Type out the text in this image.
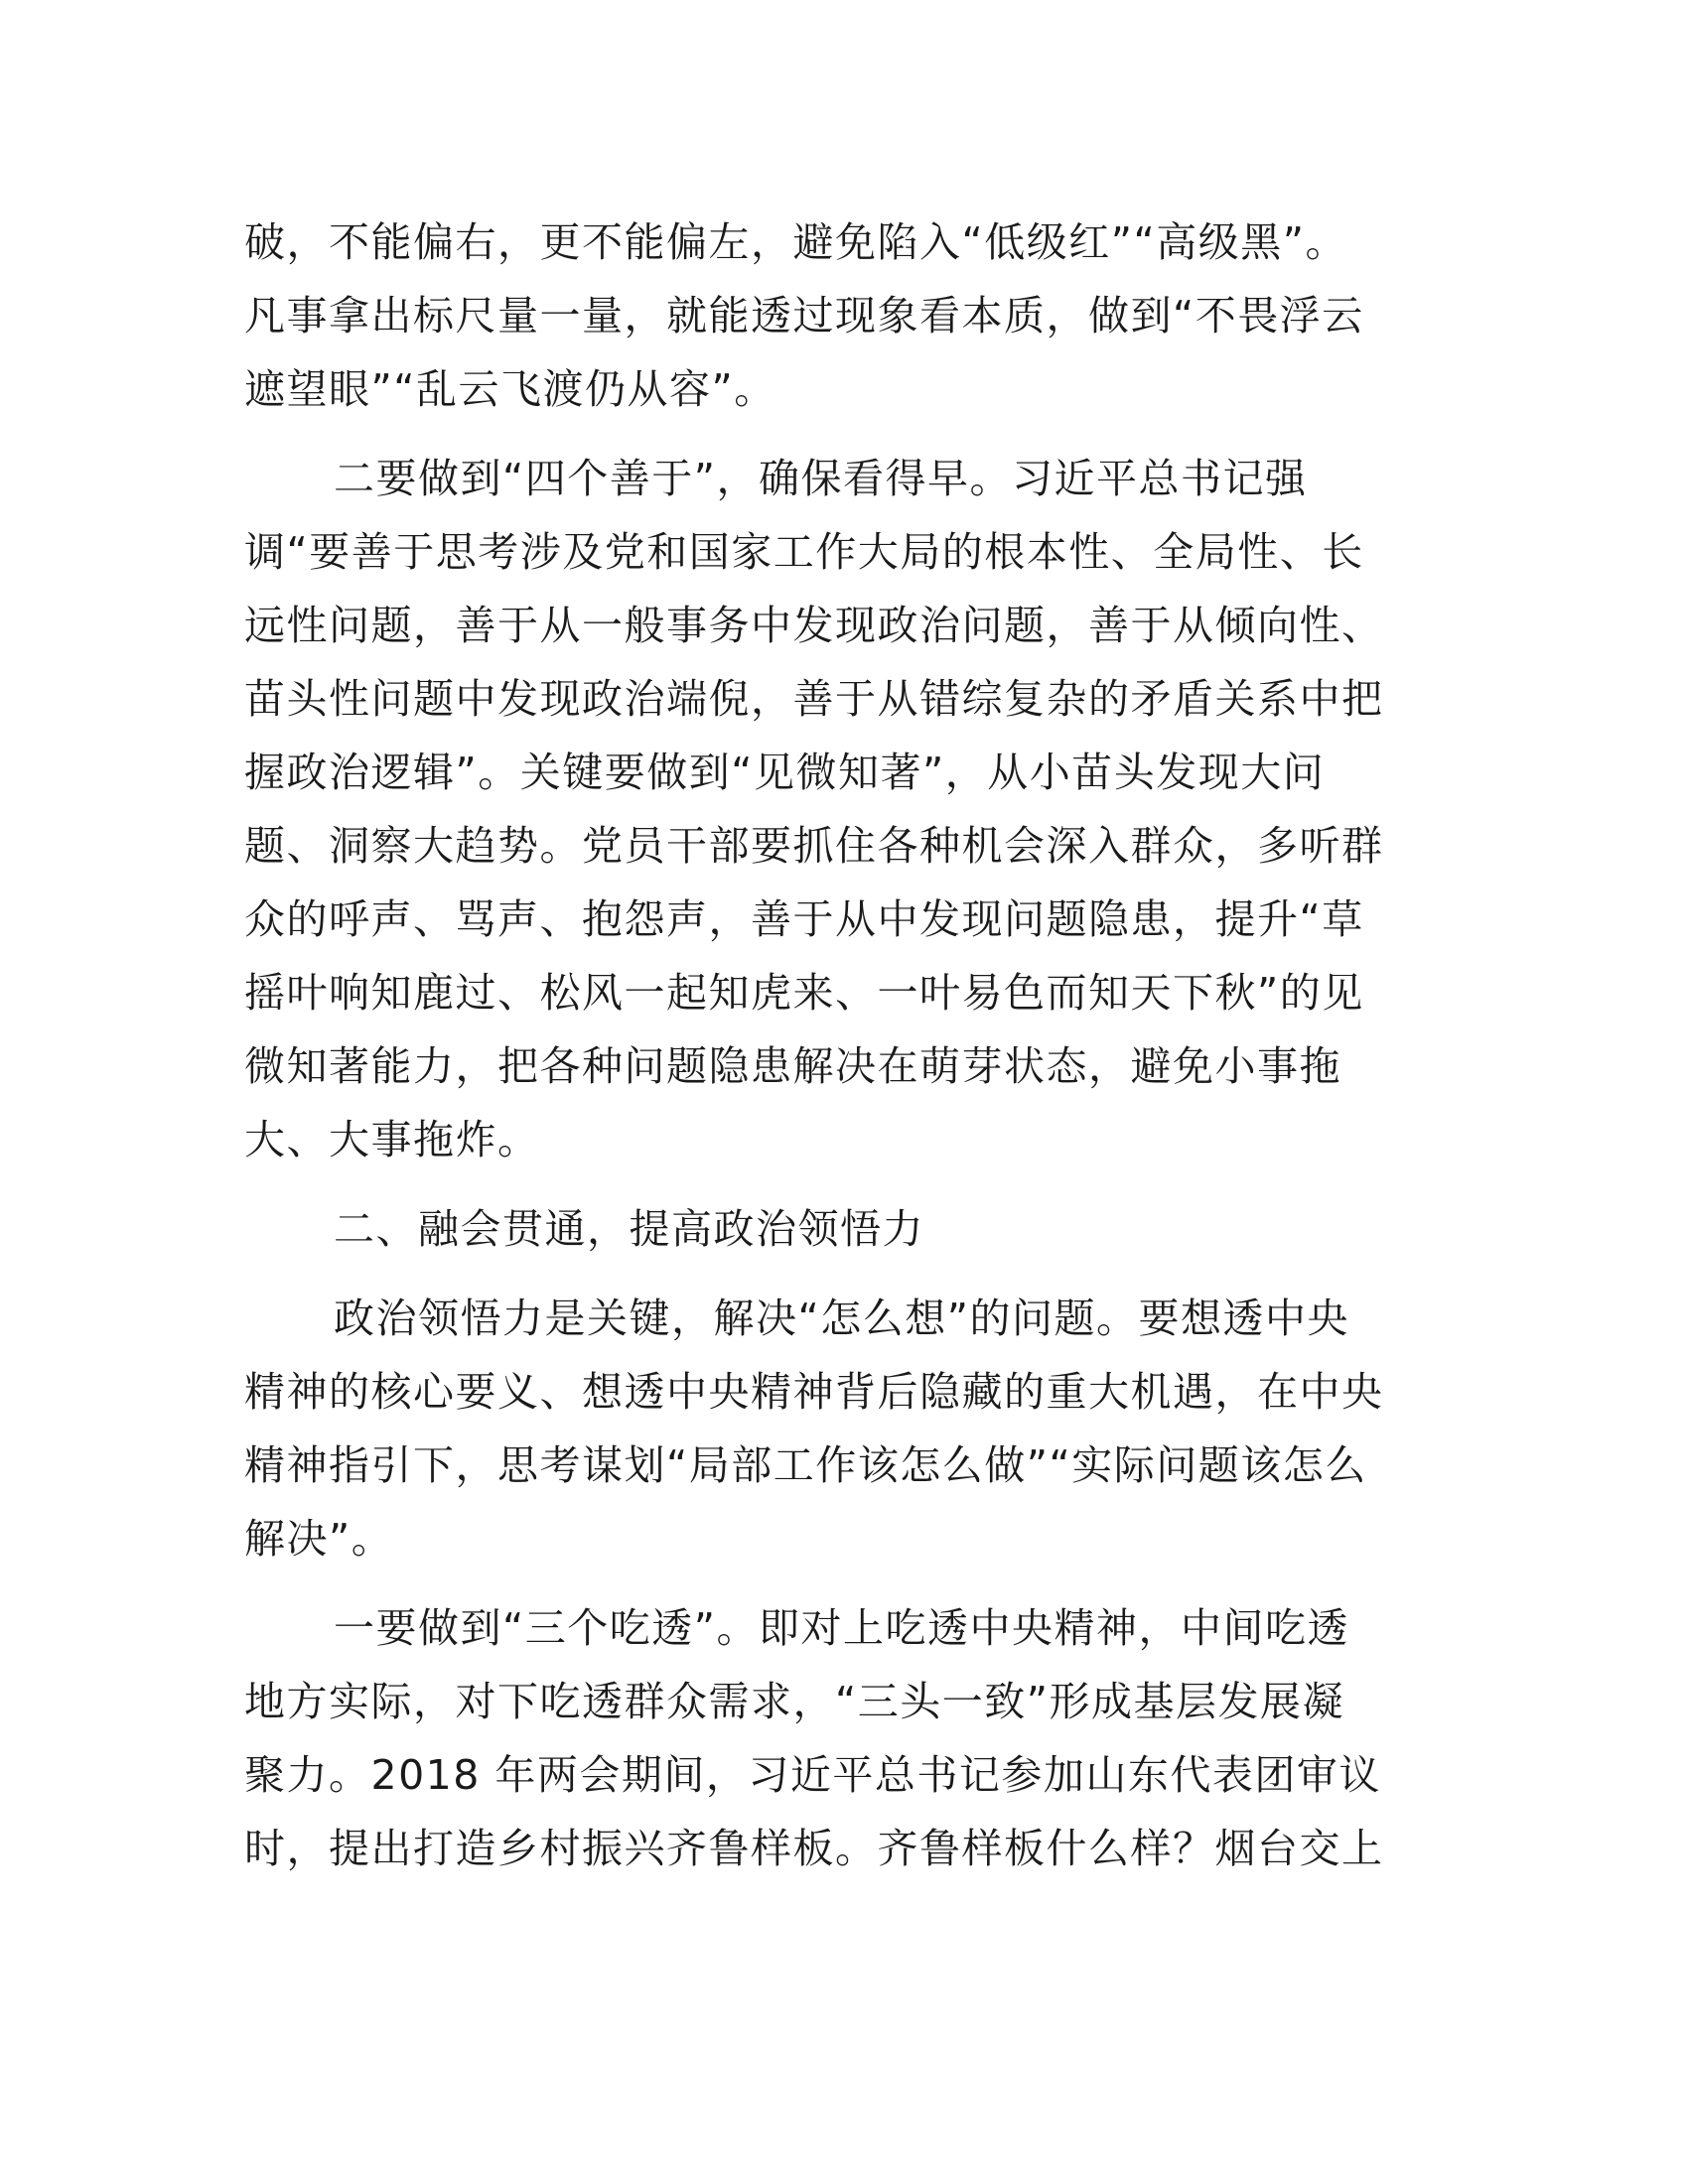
破，不能偏右，更不能偏左，避免陷入“低级红”“高级黑”。
凡事拿出标尺量一量，就能透过现象看本质，做到“不畏浮云
遮望眼”“乱云飞渡仍从容”。
二要做到“四个善于”，确保看得早。习近平总书记强
调“要善于思考涉及党和国家工作大局的根本性、全局性、长
远性问题，善于从一般事务中发现政治问题，善于从倾向性、
苗头性问题中发现政治端倪，善于从错综复杂的矛盾关系中把
握政治逻辑”。关键要做到“见微知著”，从小苗头发现大问
题、洞察大趋势。党员干部要抓住各种机会深入群众，多听群
众的呼声、骂声、抱怨声，善于从中发现问题隐患，提升“草
摇叶响知鹿过、松风一起知虎来、一叶易色而知天下秋”的见
微知著能力，把各种问题隐患解决在萌芽状态，避免小事拖
大、大事拖炸。
二、融会贯通，提高政治领悟力
政治领悟力是关键，解决“怎么想”的问题。要想透中央
精神的核心要义、想透中央精神背后隐藏的重大机遇，在中央
精神指引下，思考谋划“局部工作该怎么做”“实际问题该怎么
解决”。
一要做到“三个吃透”。即对上吃透中央精神，中间吃透
地方实际，对下吃透群众需求，“三头一致”形成基层发展凝
聚力。2018 年两会期间，习近平总书记参加山东代表团审议
时，提出打造乡村振兴齐鲁样板。齐鲁样板什么样？烟台交上
